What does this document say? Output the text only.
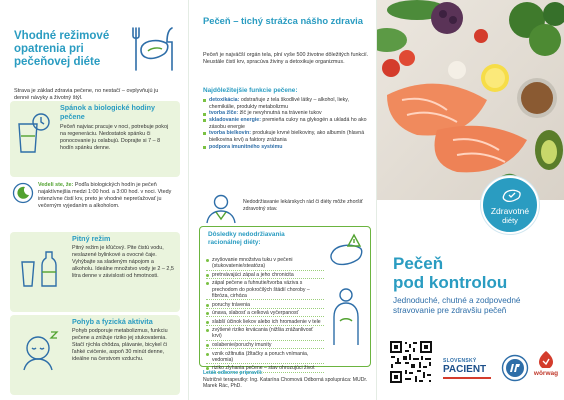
Vhodné režimové opatrenia pri pečeňovej diéte
Strava je základ zdravia pečene, no nestačí – ovplyvňujú ju denné návyky a životný štýl.
Spánok a biologické hodiny pečene
Pečeň najviac pracuje v noci, potrebuje pokoj na regeneráciu. Nedostatok spánku či ponocovanie ju oslabujú. Doprajte si 7 – 8 hodín spánku denne.
Vedeli ste, že: Podľa biologických hodín je pečeň najaktívnejšia medzi 1:00 hod. a 3:00 hod. v noci. Vtedy intenzívne čistí krv, preto je vhodné nepreťažovať ju večerným vyjedaním a alkoholom.
Pitný režim
Pitný režim je kľúčový. Pite čistú vodu, neslazené bylinkové a ovocné čaje. Vyhýbajte sa sladeným nápojom a alkoholu. Ideálne množstvo vody je 2 – 2,5 litra denne v závislosti od hmotnosti.
Pohyb a fyzická aktivita
Pohyb podporuje metabolizmus, funkciu pečene a znižuje riziko jej stukovatenia. Stačí rýchla chôdza, plávanie, bicykel či ľahké cvičenie, aspoň 30 minút denne, ideálne na čerstvom vzduchu.
Pečeň – tichý strážca nášho zdravia
Pečeň je najväčší orgán tela, plní vyše 500 životne dôležitých funkcií. Neustále čistí krv, spracúva živiny a detoxikuje organizmus.
Najdôležitejšie funkcie pečene:
detoxikácia: odstraňuje z tela škodlivé látky – alkohol, lieky, chemikálie, produkty metabolizmu
tvorba žlče: žlč je nevyhnutná na trávenie tukov
skladovanie energie: premieňa cukry na glykogén a ukladá ho ako zásobu energie
tvorba bielkovín: produkuje krvné bielkoviny, ako albumín (hlavná bielkovina krvi) a faktory zrážania
podpora imunitného systému
Nedodržiavanie lekárskych rád či diéty môže zhoršiť zdravotný stav.
Dôsledky nedodržiavania racionálnej diéty:
zvyšovanie množstva tuku v pečeni (stukovatenie/steatóza)
pretrvávajúci zápal a jeho chronicita
zápal pečene a fuhnutie/tvorba väziva s prechodom do pokročilých štádií choroby – fibróza, cirhóza
poruchy trávenia
únava, slabosť a celková vyčerpanosť
slabší účinok liekov alebo ich hromadenie v tele
zvýšené riziko krvácania (nižšia zrážanlivosť krvi)
oslabenie/poruchy imunity
vznik ožltnutia (žltačky a poruch vnímania, vedomia)
riziko zlyhania pečene – stav ohrozujúci život
Leták odborne pripravili:
Nutričné terapeutky: Ing. Katarína Chomová Odborná spolupráca: MUDr. Marek Rác, PhD.
Zdravotné
diéty
Pečeň
pod kontrolou
Jednoduché, chutné a zodpovedné stravovanie pre zdravšiu pečeň
SLOVENSKÝ
PACIENT	wörwag
